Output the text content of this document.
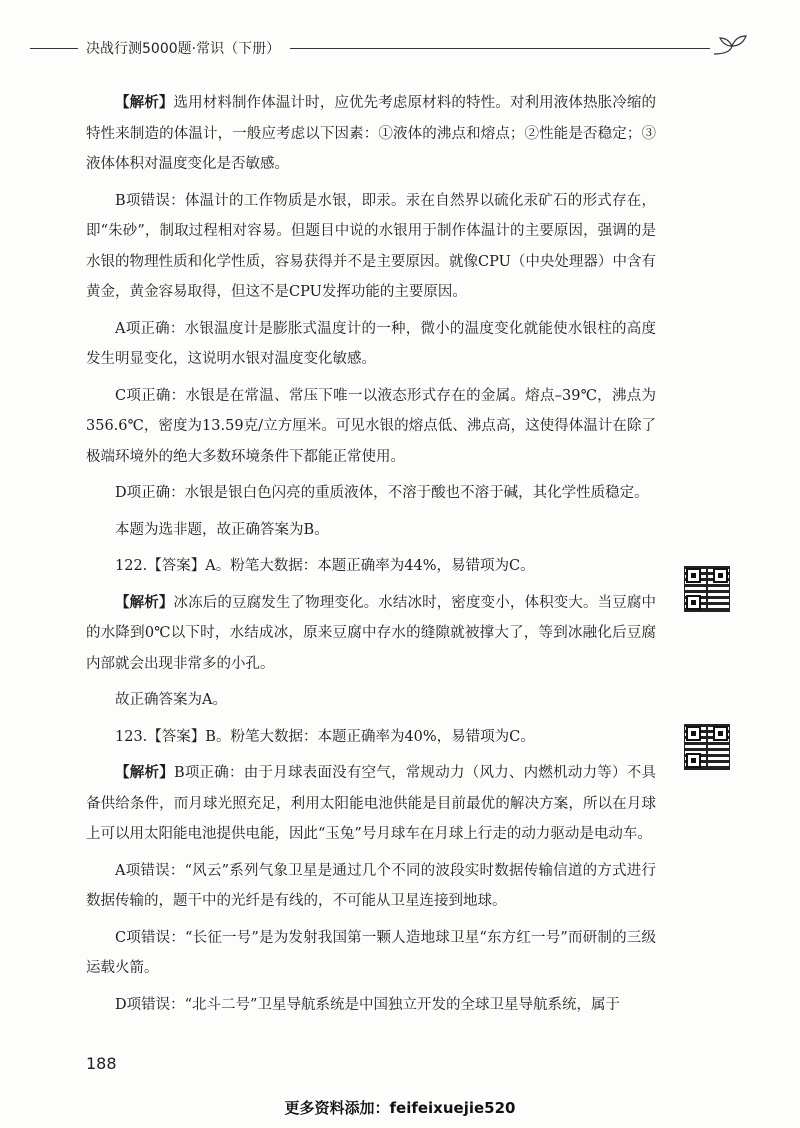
决战行测5000题·常识（下册）

【解析】选用材料制作体温计时，应优先考虑原材料的特性。对利用液体热胀冷缩的特性来制造的体温计，一般应考虑以下因素：①液体的沸点和熔点；②性能是否稳定；③液体体积对温度变化是否敏感。

B项错误：体温计的工作物质是水银，即汞。汞在自然界以硫化汞矿石的形式存在，即“朱砂”，制取过程相对容易。但题目中说的水银用于制作体温计的主要原因，强调的是水银的物理性质和化学性质，容易获得并不是主要原因。就像CPU（中央处理器）中含有黄金，黄金容易取得，但这不是CPU发挥功能的主要原因。

A项正确：水银温度计是膨胀式温度计的一种，微小的温度变化就能使水银柱的高度发生明显变化，这说明水银对温度变化敏感。

C项正确：水银是在常温、常压下唯一以液态形式存在的金属。熔点–39℃，沸点为356.6℃，密度为13.59克/立方厘米。可见水银的熔点低、沸点高，这使得体温计在除了极端环境外的绝大多数环境条件下都能正常使用。

D项正确：水银是银白色闪亮的重质液体，不溶于酸也不溶于碱，其化学性质稳定。

本题为选非题，故正确答案为B。

122.【答案】A。粉笔大数据：本题正确率为44%，易错项为C。

【解析】冰冻后的豆腐发生了物理变化。水结冰时，密度变小，体积变大。当豆腐中的水降到0℃以下时，水结成冰，原来豆腐中存水的缝隙就被撑大了，等到冰融化后豆腐内部就会出现非常多的小孔。

故正确答案为A。

123.【答案】B。粉笔大数据：本题正确率为40%，易错项为C。

【解析】B项正确：由于月球表面没有空气，常规动力（风力、内燃机动力等）不具备供给条件，而月球光照充足，利用太阳能电池供能是目前最优的解决方案，所以在月球上可以用太阳能电池提供电能，因此“玉兔”号月球车在月球上行走的动力驱动是电动车。

A项错误：“风云”系列气象卫星是通过几个不同的波段实时数据传输信道的方式进行数据传输的，题干中的光纤是有线的，不可能从卫星连接到地球。

C项错误：“长征一号”是为发射我国第一颗人造地球卫星“东方红一号”而研制的三级运载火箭。

D项错误：“北斗二号”卫星导航系统是中国独立开发的全球卫星导航系统，属于

188
更多资料添加：feifeixuejie520
